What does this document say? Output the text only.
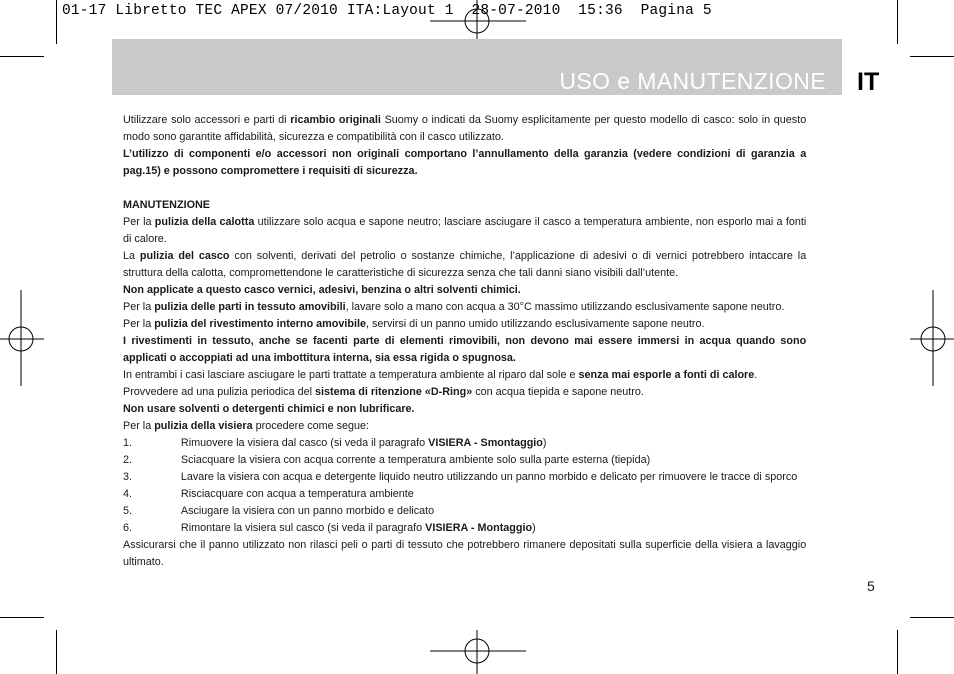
01-17 Libretto TEC APEX 07/2010 ITA:Layout 1  28-07-2010  15:36  Pagina 5
USO e MANUTENZIONE IT

Utilizzare solo accessori e parti di ricambio originali Suomy o indicati da Suomy esplicitamente per questo modello di casco: solo in questo modo sono garantite affidabilità, sicurezza e compatibilità con il casco utilizzato.

L’utilizzo di componenti e/o accessori non originali comportano l’annullamento della garanzia (vedere condizioni di garanzia a pag.15) e possono compromettere i requisiti di sicurezza.

MANUTENZIONE

Per la pulizia della calotta utilizzare solo acqua e sapone neutro; lasciare asciugare il casco a temperatura ambiente, non esporlo mai a fonti di calore.

La pulizia del casco con solventi, derivati del petrolio o sostanze chimiche, l’applicazione di adesivi o di vernici potrebbero intaccare la struttura della calotta, compromettendone le caratteristiche di sicurezza senza che tali danni siano visibili dall’utente.

Non applicate a questo casco vernici, adesivi, benzina o altri solventi chimici.

Per la pulizia delle parti in tessuto amovibili, lavare solo a mano con acqua a 30°C massimo utilizzando esclusivamente sapone neutro.

Per la pulizia del rivestimento interno amovibile, servirsi di un panno umido utilizzando esclusivamente sapone neutro.

I rivestimenti in tessuto, anche se facenti parte di elementi rimovibili, non devono mai essere immersi in acqua quando sono applicati o accoppiati ad una imbottitura interna, sia essa rigida o spugnosa.

In entrambi i casi lasciare asciugare le parti trattate a temperatura ambiente al riparo dal sole e senza mai esporle a fonti di calore.

Provvedere ad una pulizia periodica del sistema di ritenzione «D-Ring» con acqua tiepida e sapone neutro.

Non usare solventi o detergenti chimici e non lubrificare.

Per la pulizia della visiera procedere come segue:

1.	Rimuovere la visiera dal casco (si veda il paragrafo VISIERA - Smontaggio)
2.	Sciacquare la visiera con acqua corrente a temperatura ambiente solo sulla parte esterna (tiepida)
3.	Lavare la visiera con acqua e detergente liquido neutro utilizzando un panno morbido e delicato per rimuovere le tracce di sporco
4.	Risciacquare con acqua a temperatura ambiente
5.	Asciugare la visiera con un panno morbido e delicato
6.	Rimontare la visiera sul casco (si veda il paragrafo VISIERA - Montaggio)

Assicurarsi che il panno utilizzato non rilasci peli o parti di tessuto che potrebbero rimanere depositati sulla superficie della visiera a lavaggio ultimato.

5
